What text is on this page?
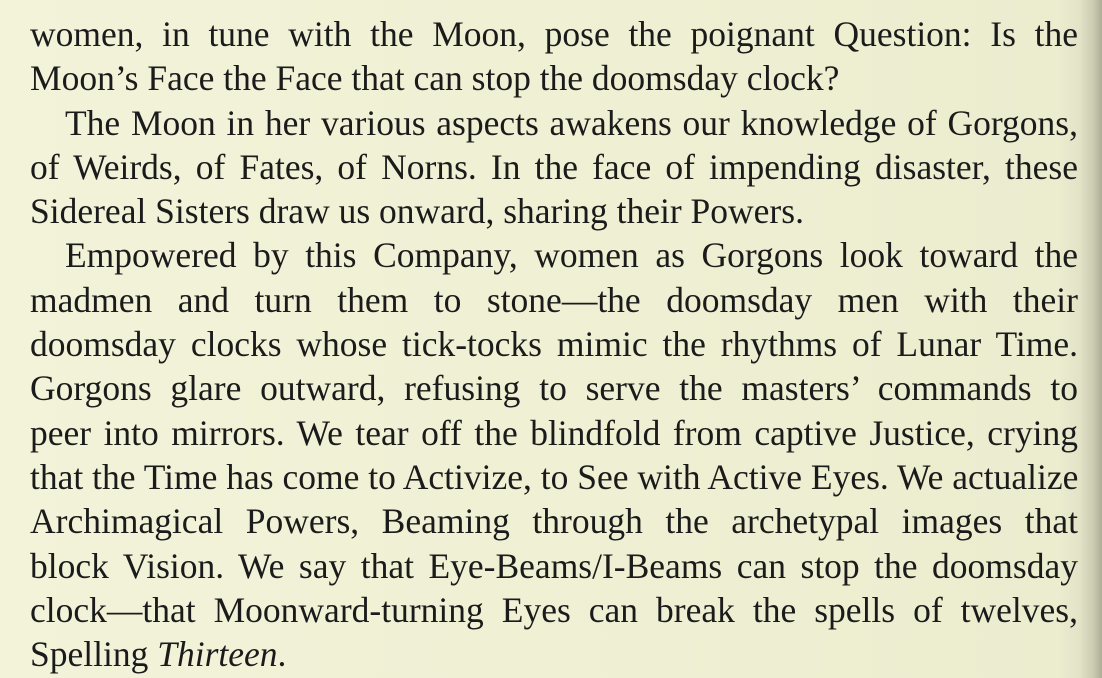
women, in tune with the Moon, pose the poignant Question: Is the
Moon’s Face the Face that can stop the doomsday clock?

The Moon in her various aspects awakens our knowledge of Gorgons,
of Weirds, of Fates, of Norns. In the face of impending disaster, these
Sidereal Sisters draw us onward, sharing their Powers.

Empowered by this Company, women as Gorgons look toward the
madmen and turn them to stone—the doomsday men with their
doomsday clocks whose tick-tocks mimic the rhythms of Lunar Time.
Gorgons glare outward, refusing to serve the masters’ commands to
peer into mirrors. We tear off the blindfold from captive Justice, crying
that the Time has come to Activize, to See with Active Eyes. We actualize
Archimagical Powers, Beaming through the archetypal images that
block Vision. We say that Eye-Beams/I-Beams can stop the doomsday
clock—that Moonward-turning Eyes can break the spells of twelves,
Spelling Thirteen.
